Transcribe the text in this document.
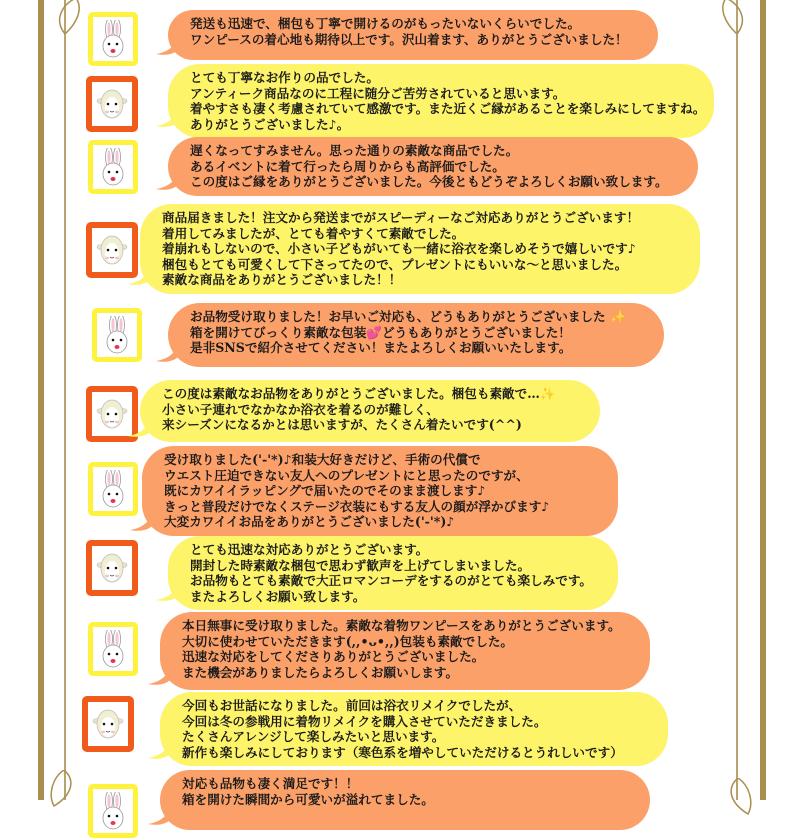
発送も迅速で、梱包も丁寧で開けるのがもったいないくらいでした。
ワンピースの着心地も期待以上です。沢山着ます、ありがとうございました！
とても丁寧なお作りの品でした。
アンティーク商品なのに工程に随分ご苦労されていると思います。
着やすさも凄く考慮されていて感激です。また近くご縁があることを楽しみにしてますね。
ありがとうございました♪。
遅くなってすみません。思った通りの素敵な商品でした。
あるイベントに着て行ったら周りからも高評価でした。
この度はご縁をありがとうございました。今後ともどうぞよろしくお願い致します。
商品届きました！注文から発送までがスピーディーなご対応ありがとうございます！
着用してみましたが、とても着やすくて素敵でした。
着崩れもしないので、小さい子どもがいても一緒に浴衣を楽しめそうで嬉しいです♪
梱包もとても可愛くして下さってたので、プレゼントにもいいな〜と思いました。
素敵な商品をありがとうございました！！
お品物受け取りました！お早いご対応も、どうもありがとうございました ✨
箱を開けてびっくり素敵な包装💕どうもありがとうございました！
是非SNSで紹介させてください！またよろしくお願いいたします。
この度は素敵なお品物をありがとうございました。梱包も素敵で…✨
小さい子連れでなかなか浴衣を着るのが難しく、
来シーズンになるかとは思いますが、たくさん着たいです(^^)
受け取りました('-'*)♪和装大好きだけど、手術の代償で
ウエスト圧迫できない友人へのプレゼントにと思ったのですが、
既にカワイイラッピングで届いたのでそのまま渡します♪
きっと普段だけでなくステージ衣装にもする友人の顔が浮かびます♪
大変カワイイお品をありがとうございました('-'*)♪
とても迅速な対応ありがとうございます。
開封した時素敵な梱包で思わず歓声を上げてしまいました。
お品物もとても素敵で大正ロマンコーデをするのがとても楽しみです。
またよろしくお願い致します。
本日無事に受け取りました。素敵な着物ワンピースをありがとうございます。
大切に使わせていただきます(,,•ᴗ•,,)包装も素敵でした。
迅速な対応をしてくださりありがとうございました。
また機会がありましたらよろしくお願いします。
今回もお世話になりました。前回は浴衣リメイクでしたが、
今回は冬の参戦用に着物リメイクを購入させていただきました。
たくさんアレンジして楽しみたいと思います。
新作も楽しみにしております（寒色系を増やしていただけるとうれしいです）
対応も品物も凄く満足です！！
箱を開けた瞬間から可愛いが溢れてました。
